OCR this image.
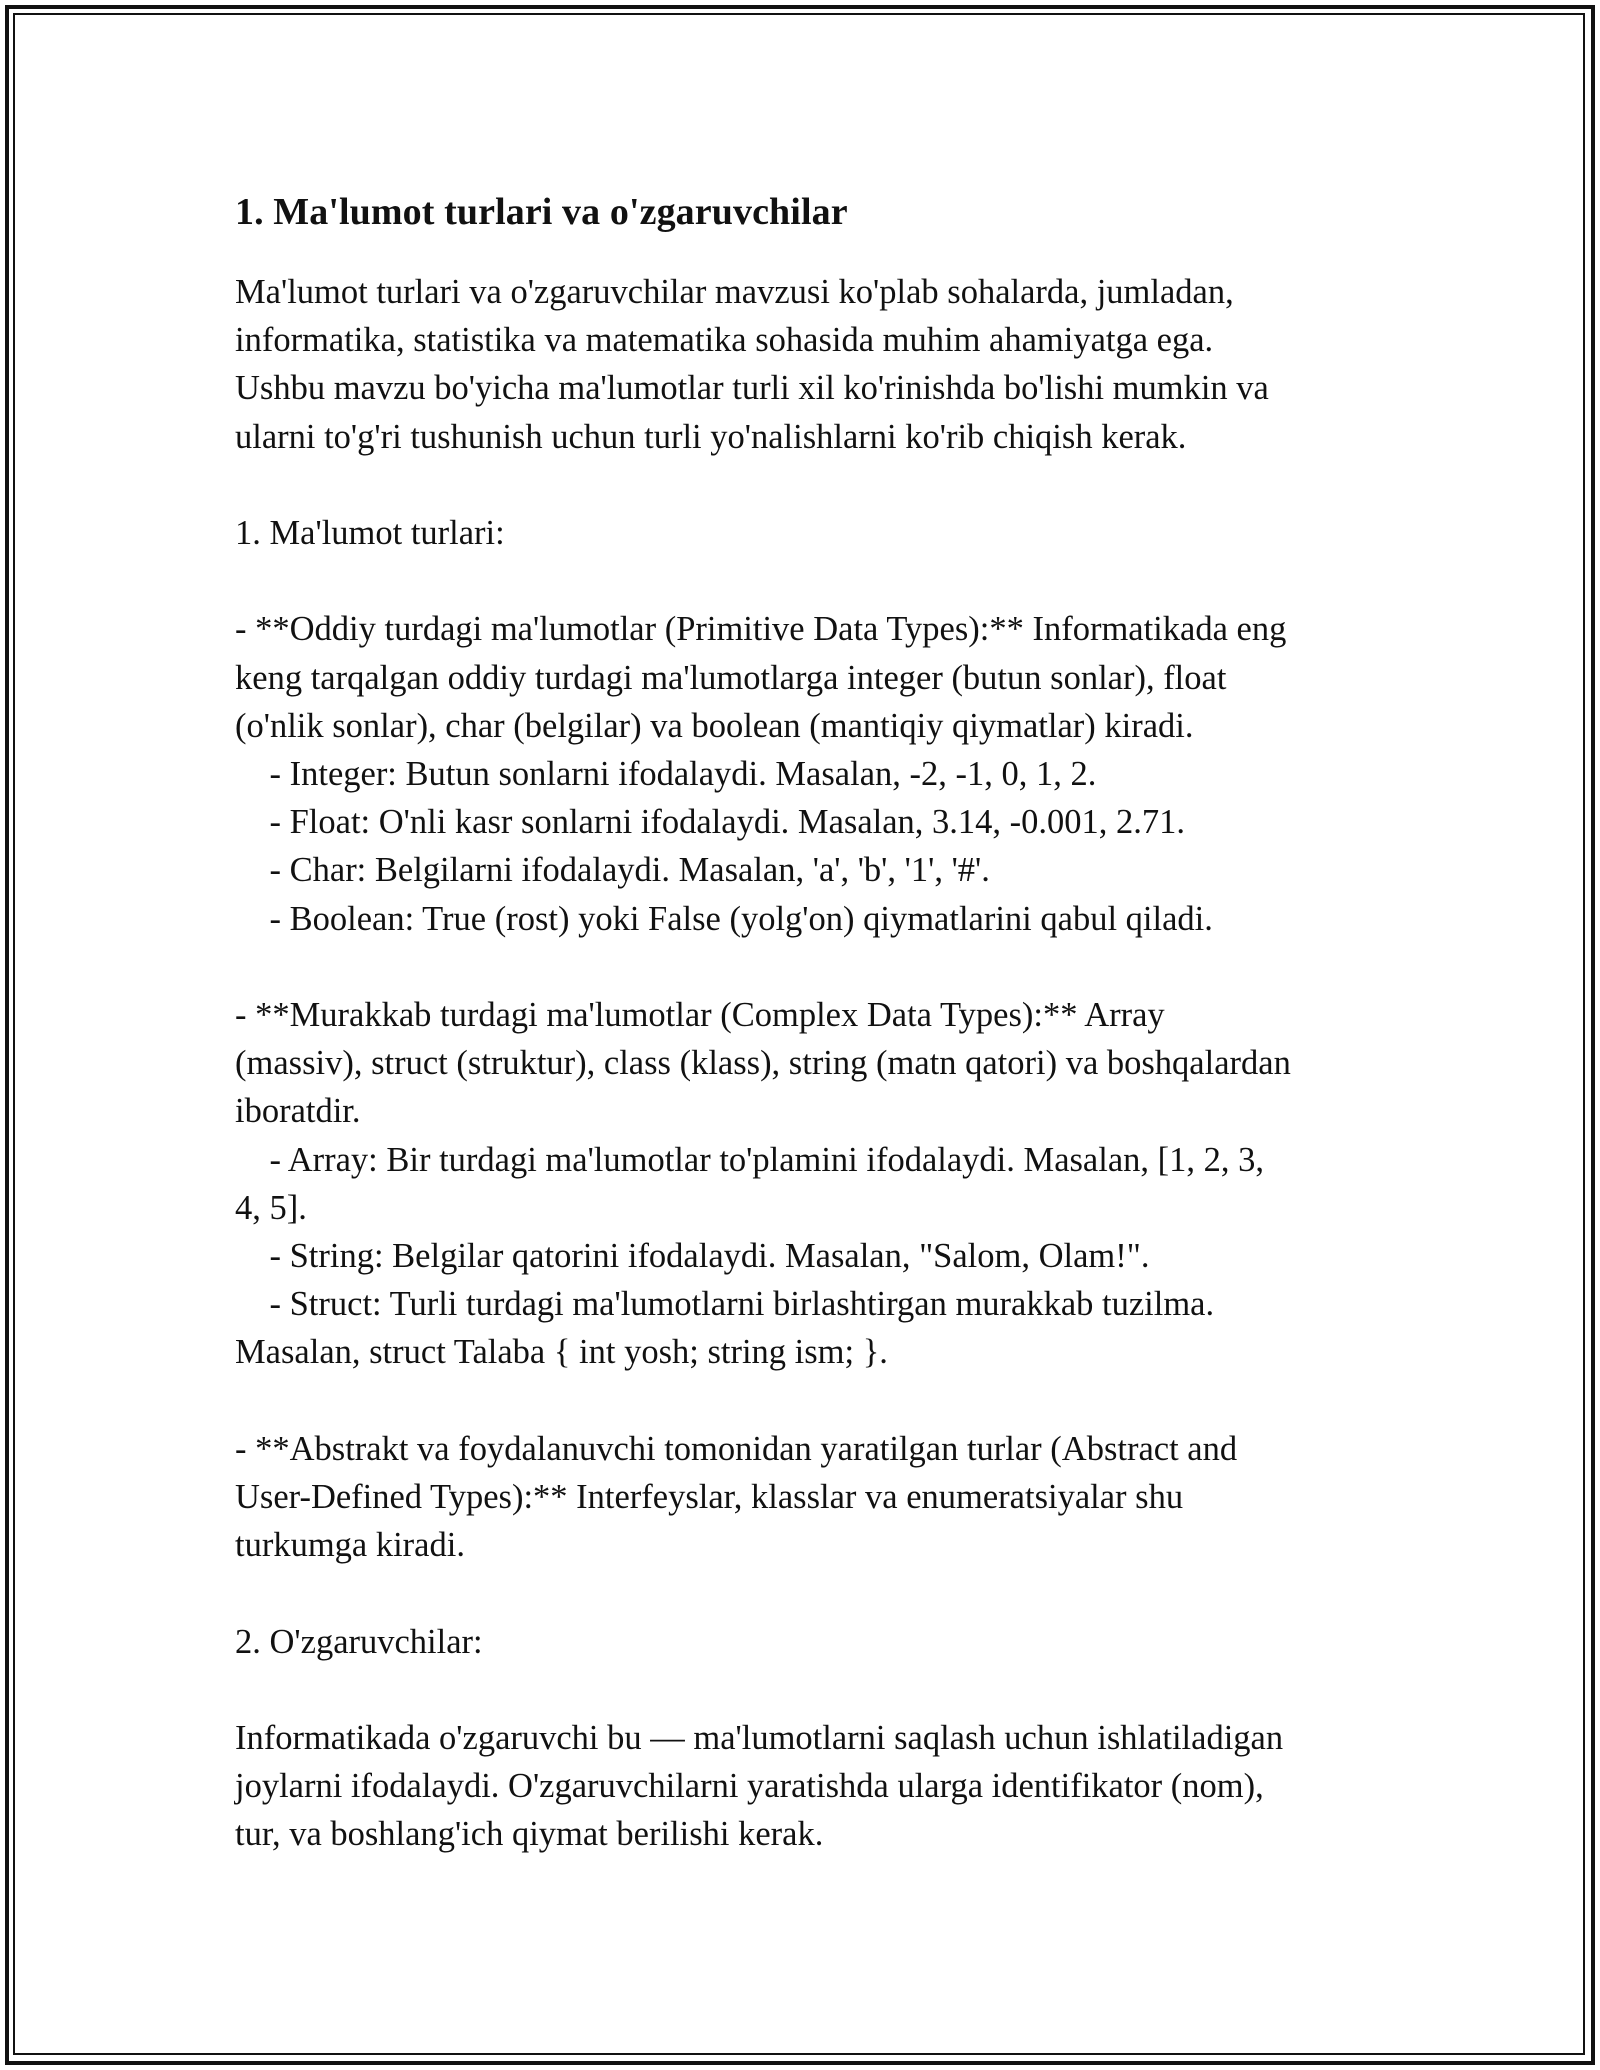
1. Ma'lumot turlari va o'zgaruvchilar
Ma'lumot turlari va o'zgaruvchilar mavzusi ko'plab sohalarda, jumladan,
informatika, statistika va matematika sohasida muhim ahamiyatga ega.
Ushbu mavzu bo'yicha ma'lumotlar turli xil ko'rinishda bo'lishi mumkin va
ularni to'g'ri tushunish uchun turli yo'nalishlarni ko'rib chiqish kerak.
1. Ma'lumot turlari:
- **Oddiy turdagi ma'lumotlar (Primitive Data Types):** Informatikada eng
keng tarqalgan oddiy turdagi ma'lumotlarga integer (butun sonlar), float
(o'nlik sonlar), char (belgilar) va boolean (mantiqiy qiymatlar) kiradi.
- Integer: Butun sonlarni ifodalaydi. Masalan, -2, -1, 0, 1, 2.
- Float: O'nli kasr sonlarni ifodalaydi. Masalan, 3.14, -0.001, 2.71.
- Char: Belgilarni ifodalaydi. Masalan, 'a', 'b', '1', '#'.
- Boolean: True (rost) yoki False (yolg'on) qiymatlarini qabul qiladi.
- **Murakkab turdagi ma'lumotlar (Complex Data Types):** Array
(massiv), struct (struktur), class (klass), string (matn qatori) va boshqalardan
iboratdir.
- Array: Bir turdagi ma'lumotlar to'plamini ifodalaydi. Masalan, [1, 2, 3,
4, 5].
- String: Belgilar qatorini ifodalaydi. Masalan, "Salom, Olam!".
- Struct: Turli turdagi ma'lumotlarni birlashtirgan murakkab tuzilma.
Masalan, struct Talaba { int yosh; string ism; }.
- **Abstrakt va foydalanuvchi tomonidan yaratilgan turlar (Abstract and
User-Defined Types):** Interfeyslar, klasslar va enumeratsiyalar shu
turkumga kiradi.
2. O'zgaruvchilar:
Informatikada o'zgaruvchi bu — ma'lumotlarni saqlash uchun ishlatiladigan
joylarni ifodalaydi. O'zgaruvchilarni yaratishda ularga identifikator (nom),
tur, va boshlang'ich qiymat berilishi kerak.
